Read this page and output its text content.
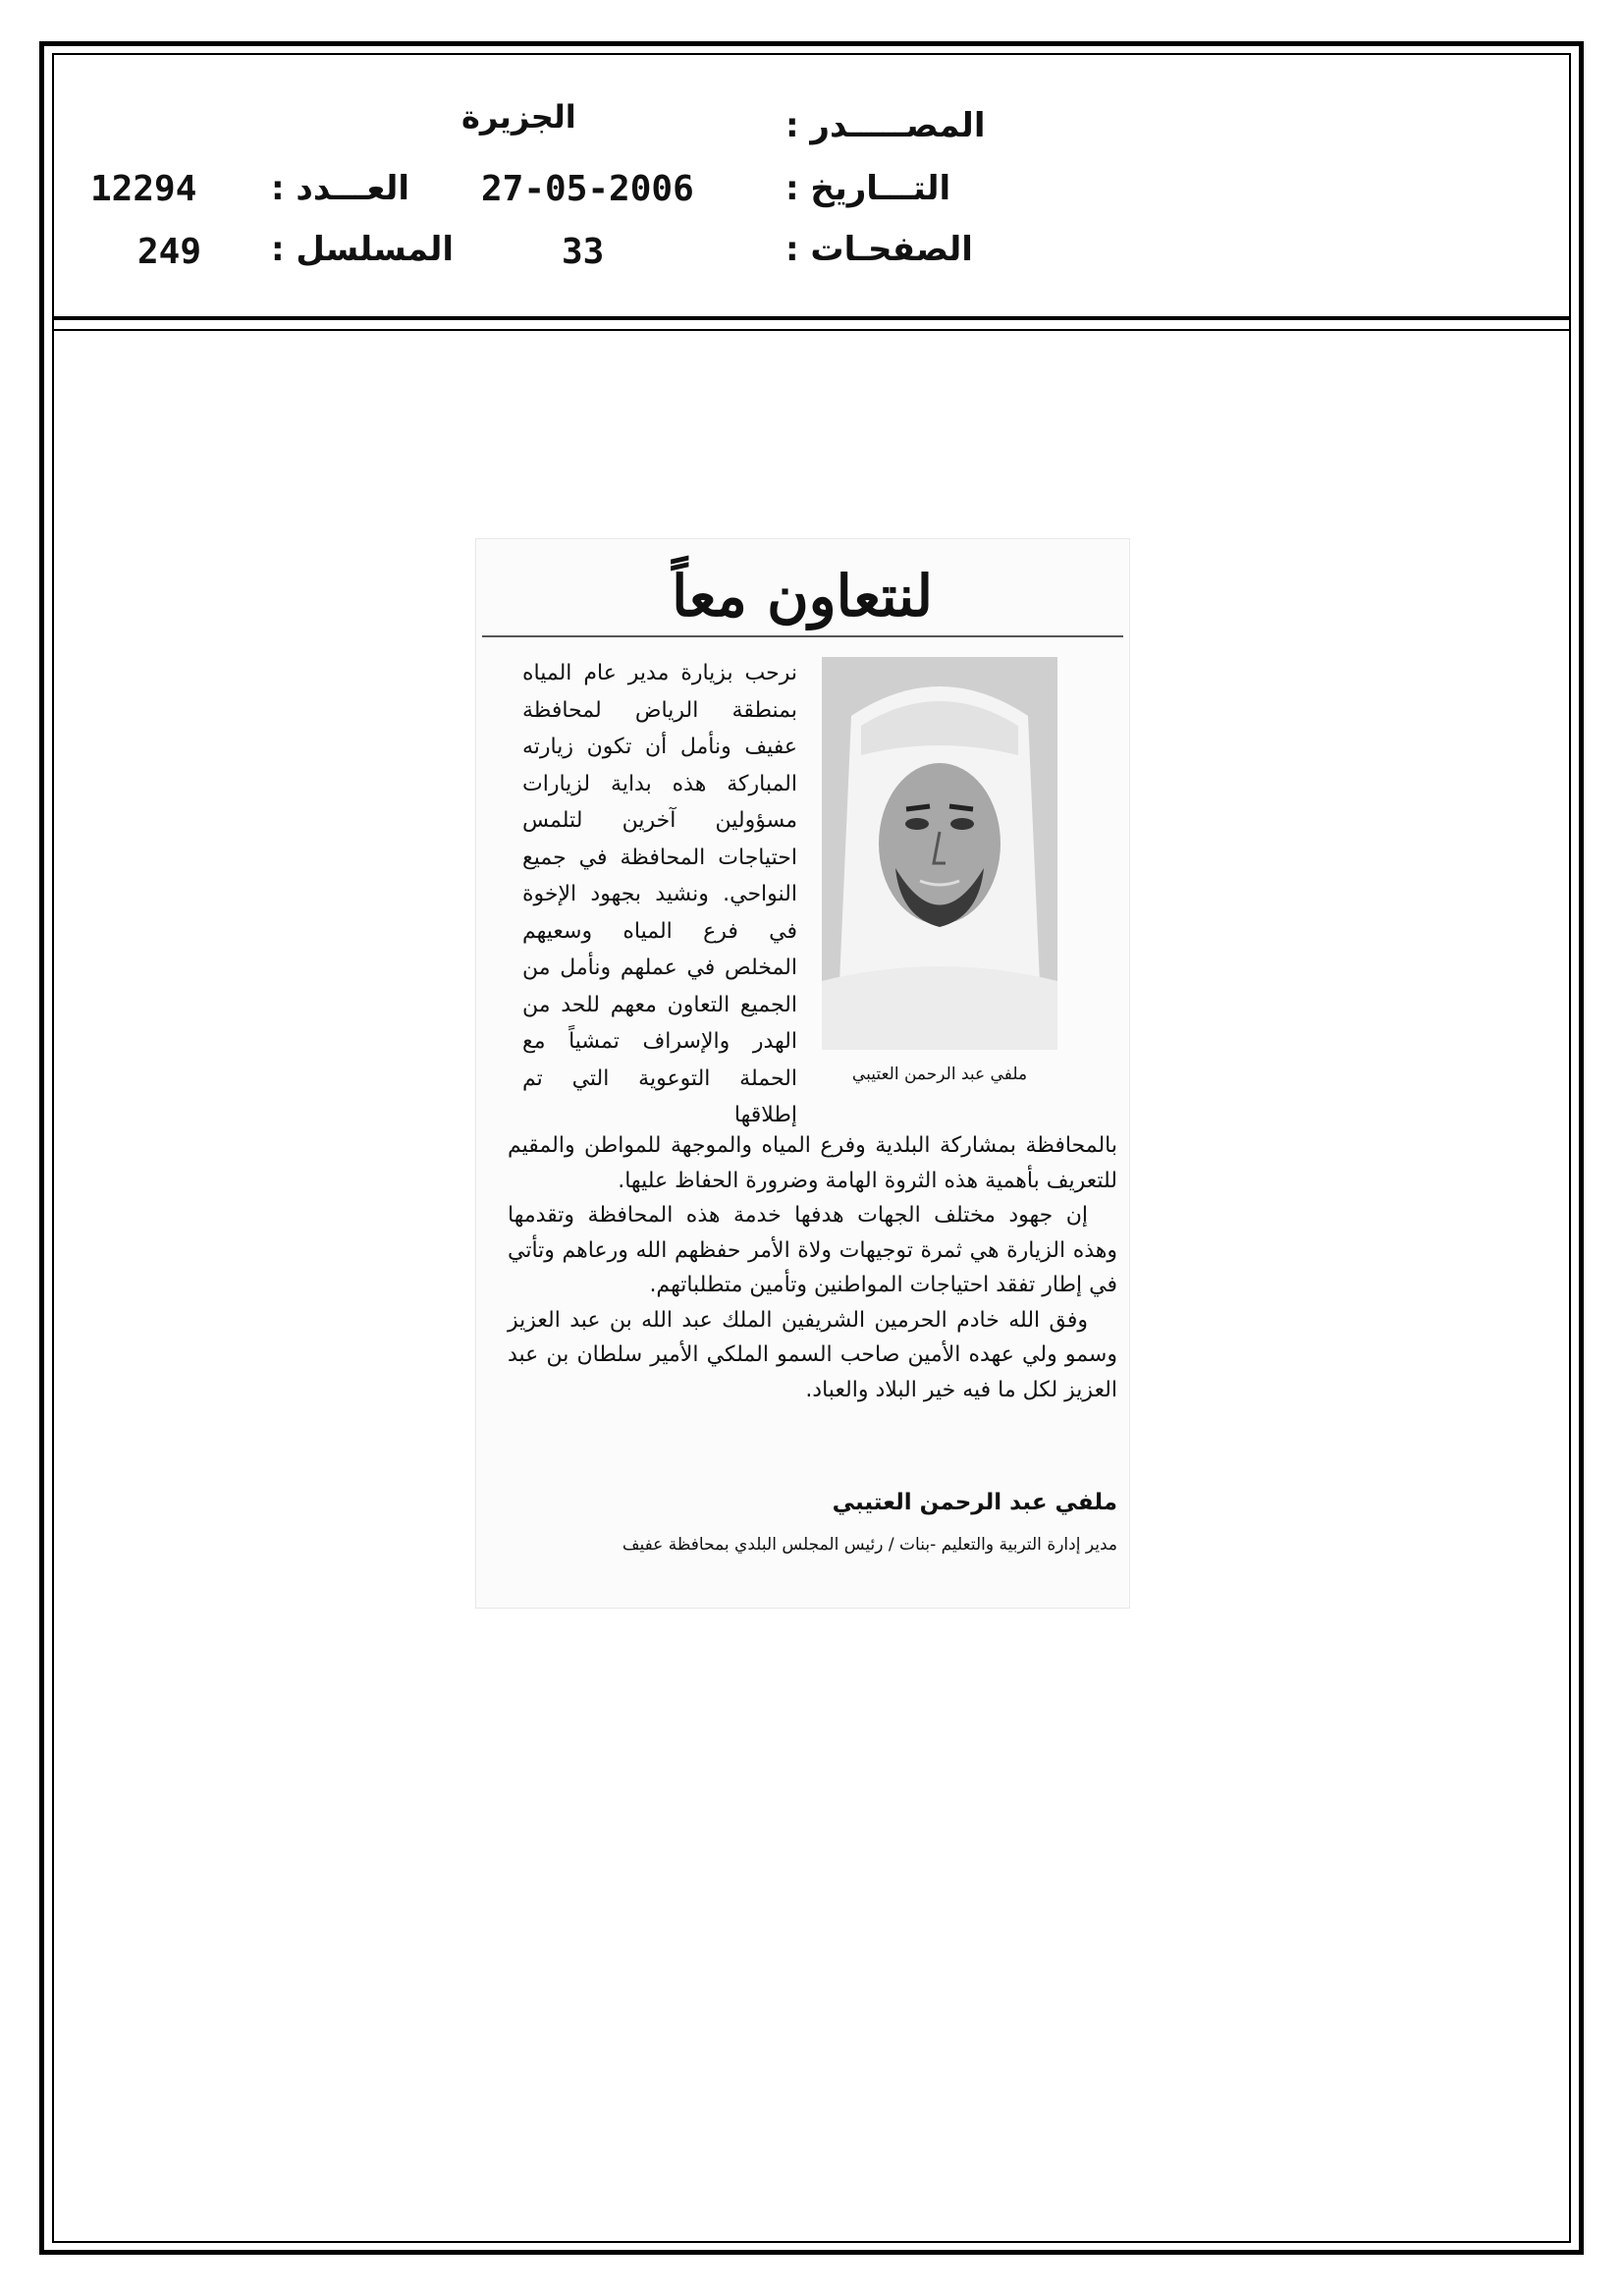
المصـــــدر :
الجزيرة
التـــاريخ :
27-05-2006
العـــدد :
12294
الصفحـات :
33
المسلسل :
249
لنتعاون معاً
ملفي عبد الرحمن العتيبي

نرحب بزيارة مدير عام المياه بمنطقة الرياض لمحافظة عفيف ونأمل أن تكون زيارته المباركة هذه بداية لزيارات مسؤولين آخرين لتلمس احتياجات المحافظة في جميع النواحي. ونشيد بجهود الإخوة في فرع المياه وسعيهم المخلص في عملهم ونأمل من الجميع التعاون معهم للحد من الهدر والإسراف تمشياً مع الحملة التوعوية التي تم إطلاقها

بالمحافظة بمشاركة البلدية وفرع المياه والموجهة للمواطن والمقيم للتعريف بأهمية هذه الثروة الهامة وضرورة الحفاظ عليها.

إن جهود مختلف الجهات هدفها خدمة هذه المحافظة وتقدمها وهذه الزيارة هي ثمرة توجيهات ولاة الأمر حفظهم الله ورعاهم وتأتي في إطار تفقد احتياجات المواطنين وتأمين متطلباتهم.

وفق الله خادم الحرمين الشريفين الملك عبد الله بن عبد العزيز وسمو ولي عهده الأمين صاحب السمو الملكي الأمير سلطان بن عبد العزيز لكل ما فيه خير البلاد والعباد.

ملفي عبد الرحمن العتيبي
مدير إدارة التربية والتعليم -بنات / رئيس المجلس البلدي بمحافظة عفيف
